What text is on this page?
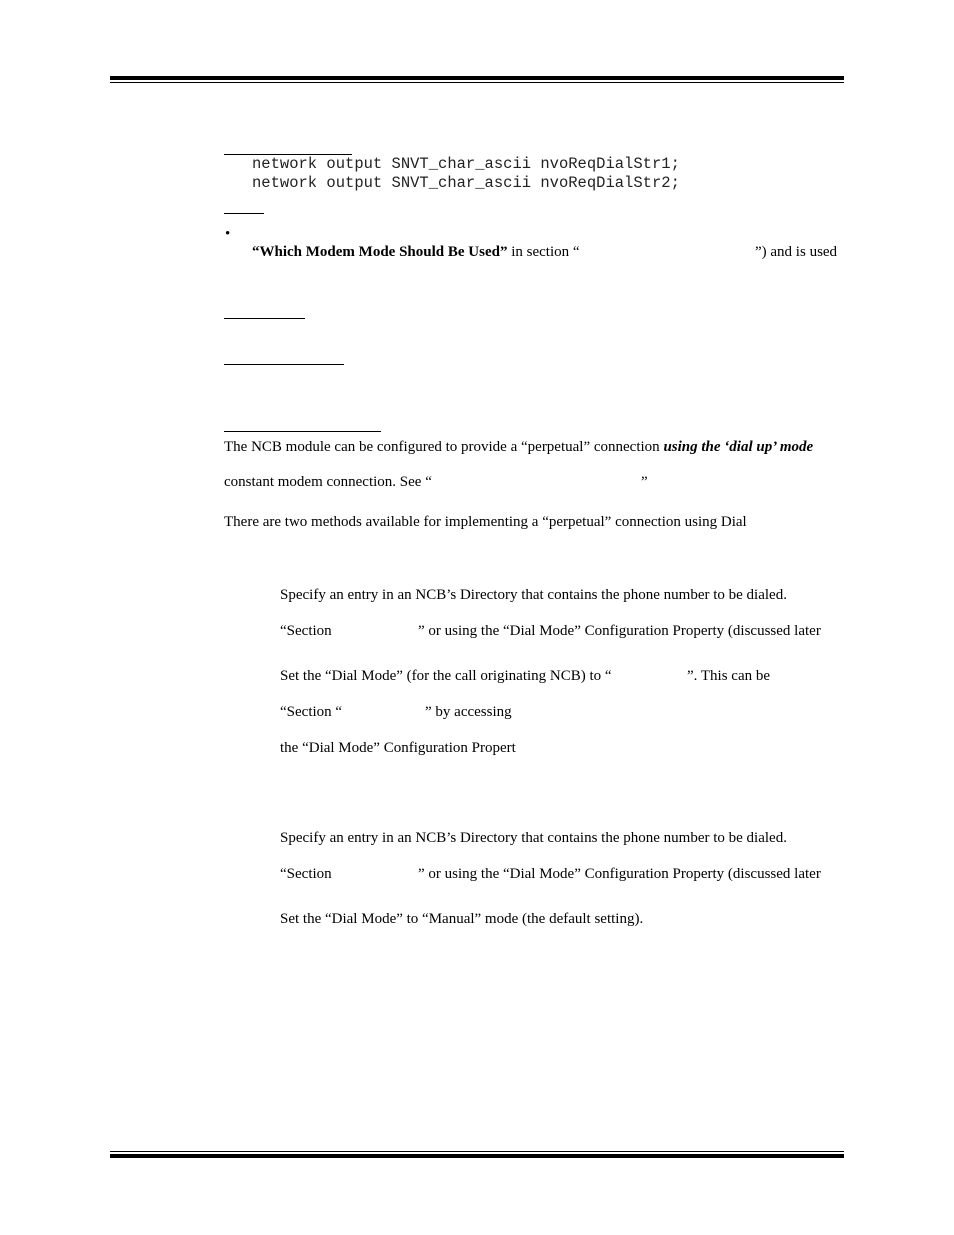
network output SNVT_char_ascii nvoReqDialStr1;
network output SNVT_char_ascii nvoReqDialStr2;
•
“Which Modem Mode Should Be Used” in section “	”) and is used
The NCB module can be configured to provide a “perpetual” connection using the ‘dial up’ mode
constant modem connection. See “	”
There are two methods available for implementing a “perpetual” connection using Dial
Specify an entry in an NCB’s Directory that contains the phone number to be dialed.
“Section	” or using the “Dial Mode” Configuration Property (discussed later
Set the “Dial Mode” (for the call originating NCB) to “	”. This can be
“Section “	” by accessing
the “Dial Mode” Configuration Propert
Specify an entry in an NCB’s Directory that contains the phone number to be dialed.
“Section	” or using the “Dial Mode” Configuration Property (discussed later
Set the “Dial Mode” to “Manual” mode (the default setting).
